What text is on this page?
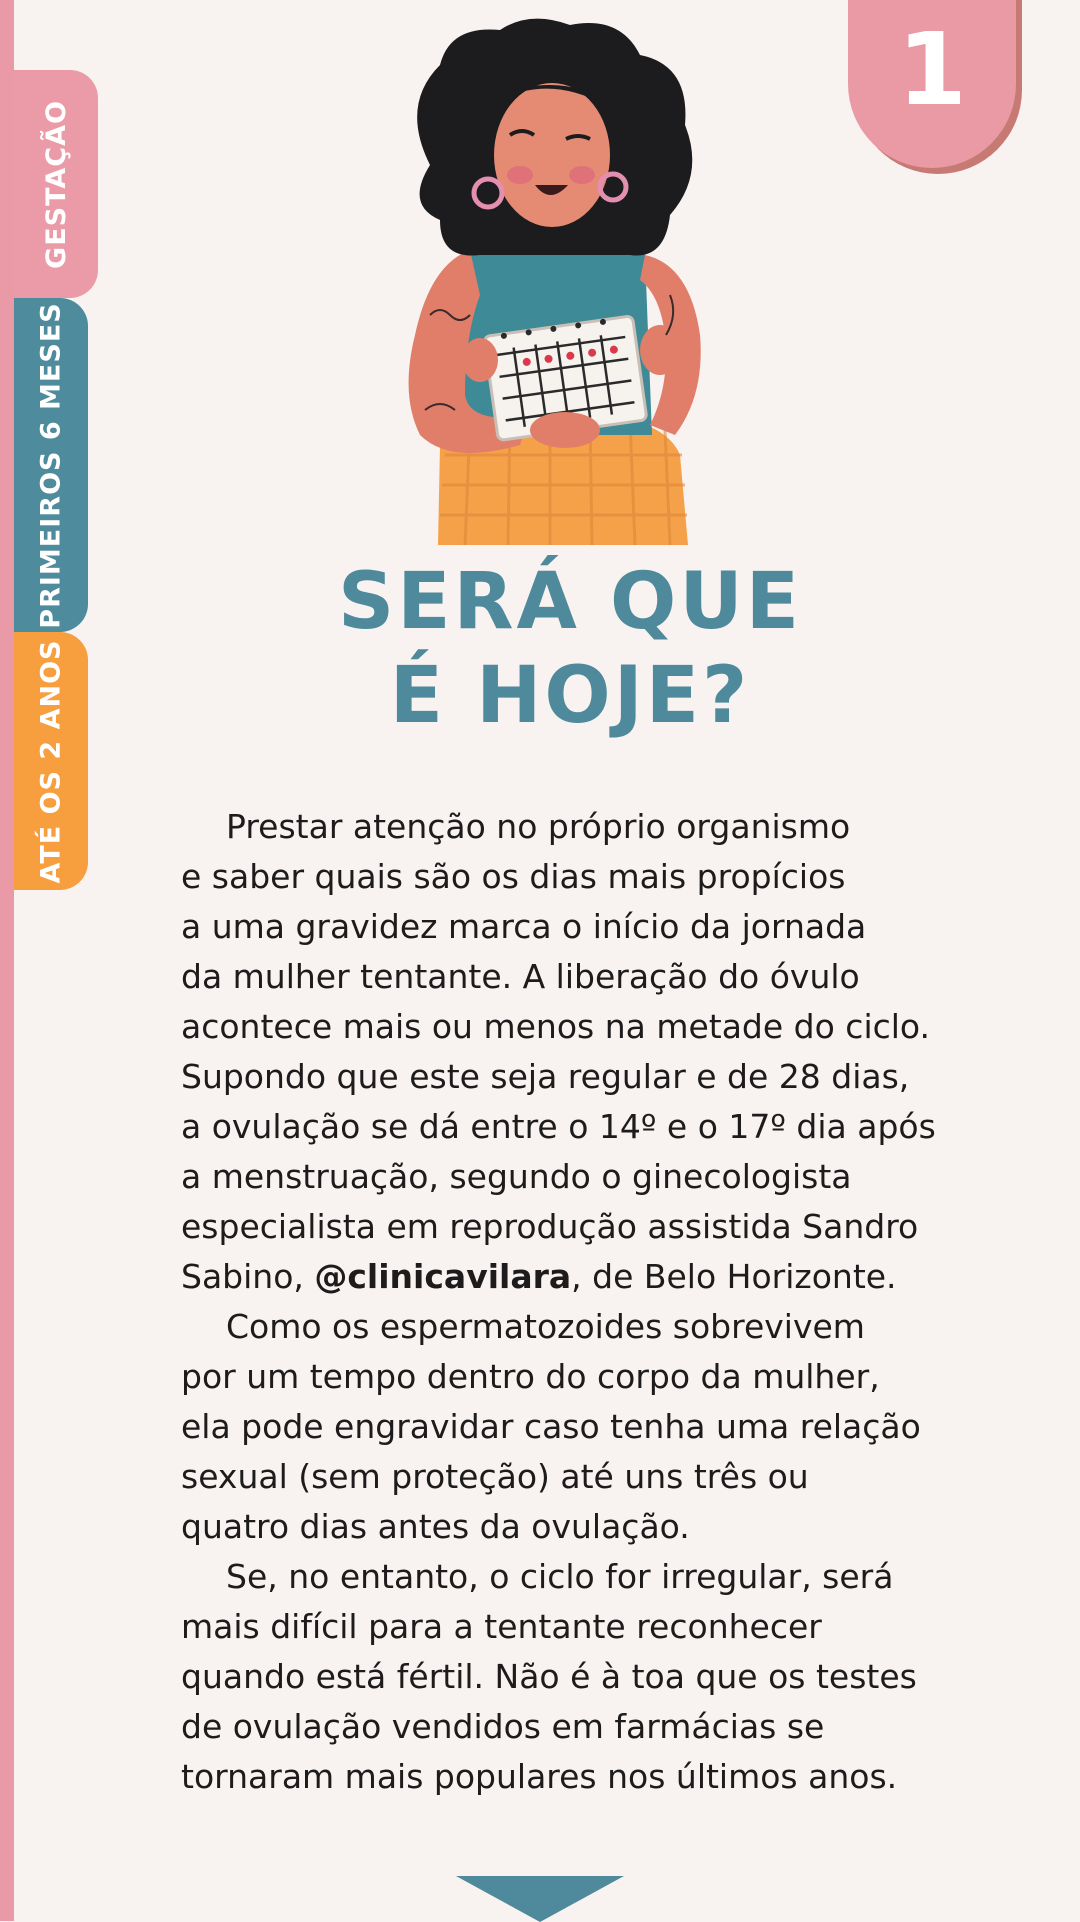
GESTAÇÃO
PRIMEIROS 6 MESES
ATÉ OS 2 ANOS
1
SERÁ QUE
É HOJE?
Prestar atenção no próprio organismo
e saber quais são os dias mais propícios
a uma gravidez marca o início da jornada
da mulher tentante. A liberação do óvulo
acontece mais ou menos na metade do ciclo.
Supondo que este seja regular e de 28 dias,
a ovulação se dá entre o 14º e o 17º dia após
a menstruação, segundo o ginecologista
especialista em reprodução assistida Sandro
Sabino, @clinicavilara, de Belo Horizonte.
Como os espermatozoides sobrevivem
por um tempo dentro do corpo da mulher,
ela pode engravidar caso tenha uma relação
sexual (sem proteção) até uns três ou
quatro dias antes da ovulação.
Se, no entanto, o ciclo for irregular, será
mais difícil para a tentante reconhecer
quando está fértil. Não é à toa que os testes
de ovulação vendidos em farmácias se
tornaram mais populares nos últimos anos.
